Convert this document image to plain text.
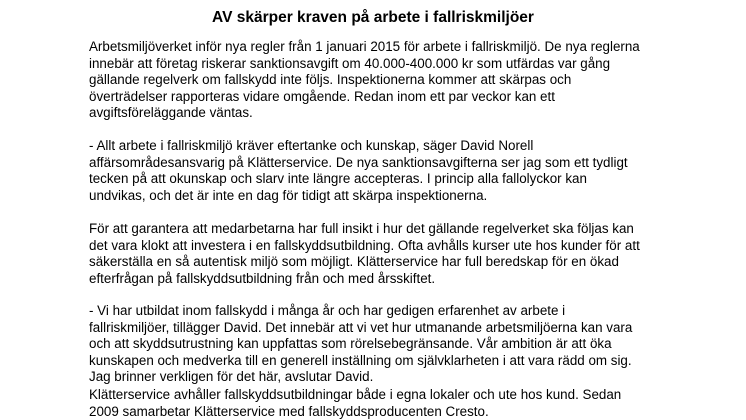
AV skärper kraven på arbete i fallriskmiljöer

Arbetsmiljöverket inför nya regler från 1 januari 2015 för arbete i fallriskmiljö. De nya reglerna
innebär att företag riskerar sanktionsavgift om 40.000-400.000 kr som utfärdas var gång
gällande regelverk om fallskydd inte följs. Inspektionerna kommer att skärpas och
överträdelser rapporteras vidare omgående. Redan inom ett par veckor kan ett
avgiftsföreläggande väntas.

- Allt arbete i fallriskmiljö kräver eftertanke och kunskap, säger David Norell
affärsområdesansvarig på Klätterservice. De nya sanktionsavgifterna ser jag som ett tydligt
tecken på att okunskap och slarv inte längre accepteras. I princip alla fallolyckor kan
undvikas, och det är inte en dag för tidigt att skärpa inspektionerna.

För att garantera att medarbetarna har full insikt i hur det gällande regelverket ska följas kan
det vara klokt att investera i en fallskyddsutbildning. Ofta avhålls kurser ute hos kunder för att
säkerställa en så autentisk miljö som möjligt. Klätterservice har full beredskap för en ökad
efterfrågan på fallskyddsutbildning från och med årsskiftet.

- Vi har utbildat inom fallskydd i många år och har gedigen erfarenhet av arbete i
fallriskmiljöer, tillägger David. Det innebär att vi vet hur utmanande arbetsmiljöerna kan vara
och att skyddsutrustning kan uppfattas som rörelsebegränsande. Vår ambition är att öka
kunskapen och medverka till en generell inställning om självklarheten i att vara rädd om sig.
Jag brinner verkligen för det här, avslutar David.

Klätterservice avhåller fallskyddsutbildningar både i egna lokaler och ute hos kund. Sedan
2009 samarbetar Klätterservice med fallskyddsproducenten Cresto.
